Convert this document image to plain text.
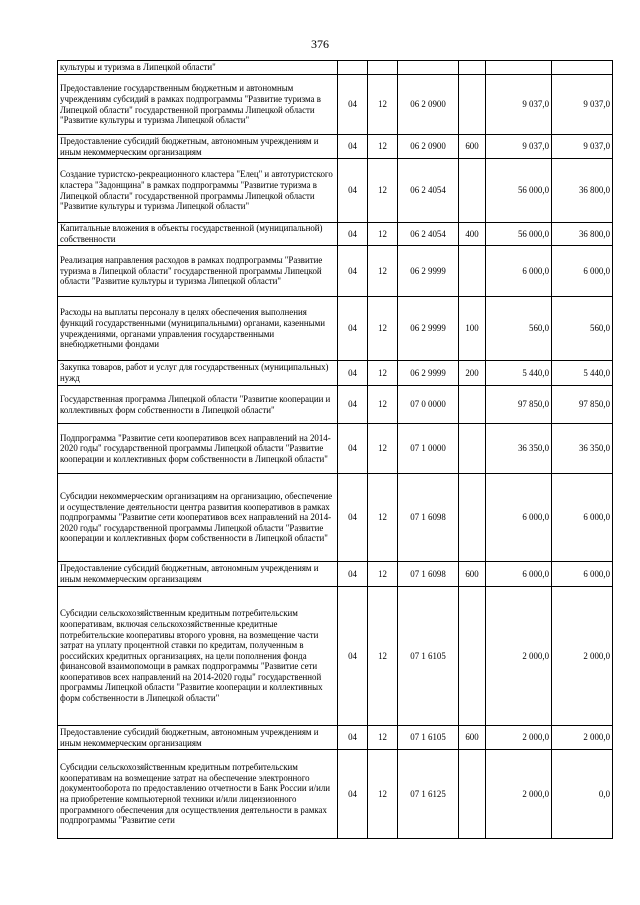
376
культуры и туризма в Липецкой области"						
Предоставление государственным бюджетным и автономным учреждениям субсидий в рамках подпрограммы "Развитие туризма в Липецкой области" государственной программы Липецкой области "Развитие культуры и туризма Липецкой области"	04	12	06 2 0900		9 037,0	9 037,0
Предоставление субсидий бюджетным, автономным учреждениям и иным некоммерческим организациям	04	12	06 2 0900	600	9 037,0	9 037,0
Создание туристско-рекреационного кластера "Елец" и автотуристского кластера "Задонщина" в рамках подпрограммы "Развитие туризма в Липецкой области" государственной программы Липецкой области "Развитие культуры и туризма Липецкой области"	04	12	06 2 4054		56 000,0	36 800,0
Капитальные вложения в объекты государственной (муниципальной) собственности	04	12	06 2 4054	400	56 000,0	36 800,0
Реализация направления расходов в рамках подпрограммы "Развитие туризма в Липецкой области" государственной программы Липецкой области "Развитие культуры и туризма Липецкой области"	04	12	06 2 9999		6 000,0	6 000,0
Расходы на выплаты персоналу в целях обеспечения выполнения функций государственными (муниципальными) органами, казенными учреждениями, органами управления государственными внебюджетными фондами	04	12	06 2 9999	100	560,0	560,0
Закупка товаров, работ и услуг для государственных (муниципальных) нужд	04	12	06 2 9999	200	5 440,0	5 440,0
Государственная программа Липецкой области "Развитие кооперации и коллективных форм собственности в Липецкой области"	04	12	07 0 0000		97 850,0	97 850,0
Подпрограмма "Развитие сети кооперативов всех направлений на 2014-2020 годы" государственной программы Липецкой области "Развитие кооперации и коллективных форм собственности в Липецкой области"	04	12	07 1 0000		36 350,0	36 350,0
Субсидии некоммерческим организациям на организацию, обеспечение и осуществление деятельности центра развития кооперативов в рамках подпрограммы "Развитие сети кооперативов всех направлений на 2014-2020 годы" государственной программы Липецкой области "Развитие кооперации и коллективных форм собственности в Липецкой области"	04	12	07 1 6098		6 000,0	6 000,0
Предоставление субсидий бюджетным, автономным учреждениям и иным некоммерческим организациям	04	12	07 1 6098	600	6 000,0	6 000,0
Субсидии сельскохозяйственным кредитным потребительским кооперативам, включая сельскохозяйственные кредитные потребительские кооперативы второго уровня, на возмещение части затрат на уплату процентной ставки по кредитам, полученным в российских кредитных организациях, на цели пополнения фонда финансовой взаимопомощи в рамках подпрограммы "Развитие сети кооперативов всех направлений на 2014-2020 годы" государственной программы Липецкой области "Развитие кооперации и коллективных форм собственности в Липецкой области"	04	12	07 1 6105		2 000,0	2 000,0
Предоставление субсидий бюджетным, автономным учреждениям и иным некоммерческим организациям	04	12	07 1 6105	600	2 000,0	2 000,0
Субсидии сельскохозяйственным кредитным потребительским кооперативам на возмещение затрат на обеспечение электронного документооборота по предоставлению отчетности в Банк России и/или на приобретение компьютерной техники и/или лицензионного программного обеспечения для осуществления деятельности в рамках подпрограммы "Развитие сети	04	12	07 1 6125		2 000,0	0,0
